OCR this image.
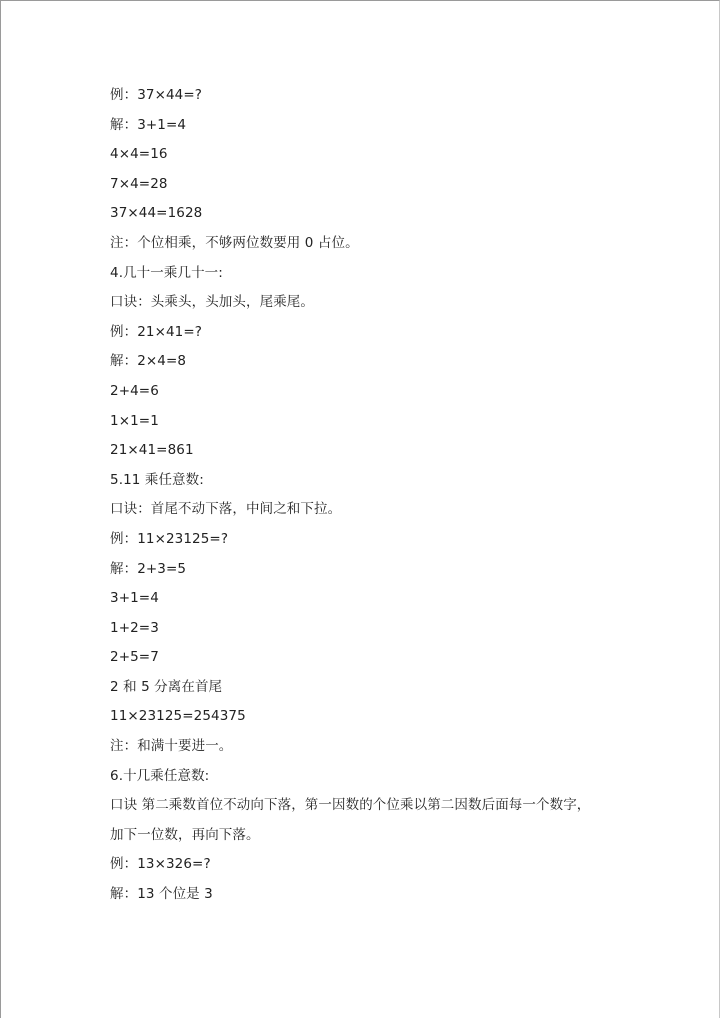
例：37×44=?
解：3+1=4
4×4=16
7×4=28
37×44=1628
注：个位相乘，不够两位数要用 0 占位。
4.几十一乘几十一:
口诀：头乘头，头加头，尾乘尾。
例：21×41=?
解：2×4=8
2+4=6
1×1=1
21×41=861
5.11 乘任意数:
口诀：首尾不动下落，中间之和下拉。
例：11×23125=?
解：2+3=5
3+1=4
1+2=3
2+5=7
2 和 5 分离在首尾
11×23125=254375
注：和满十要进一。
6.十几乘任意数:
口诀 第二乘数首位不动向下落，第一因数的个位乘以第二因数后面每一个数字，
加下一位数，再向下落。
例：13×326=?
解：13 个位是 3
